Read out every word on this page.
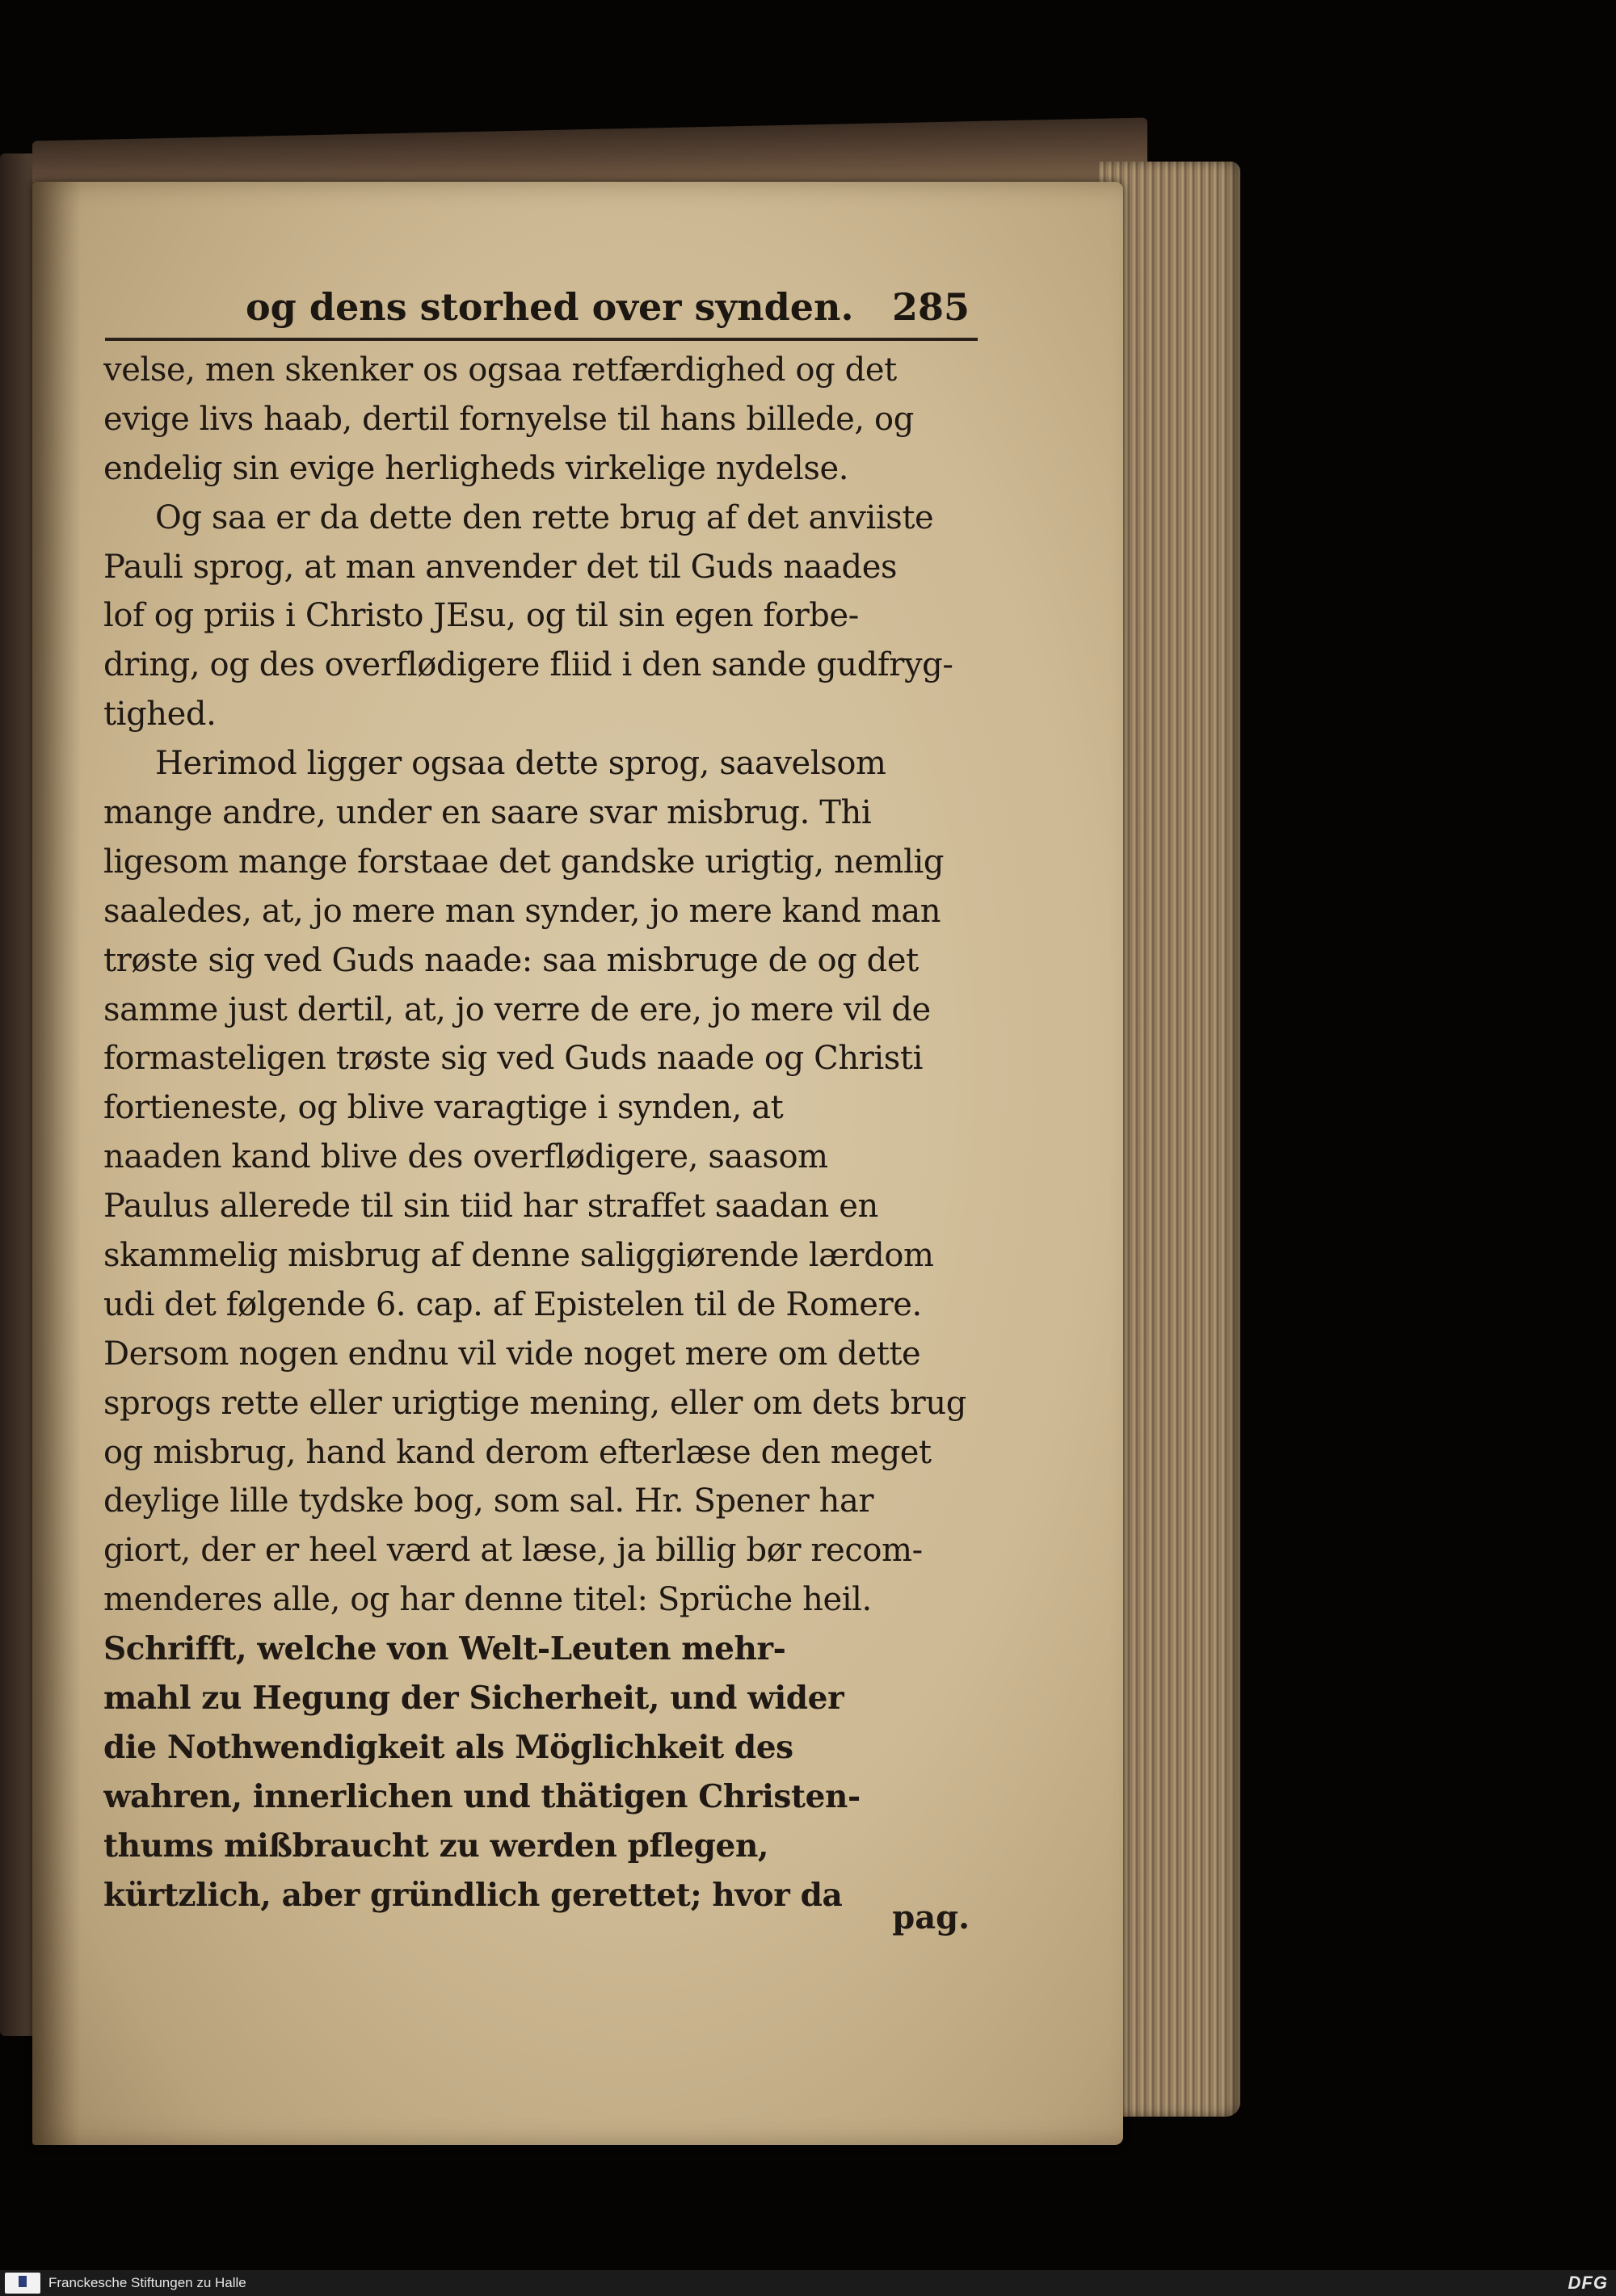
og dens storhed over synden. 285
velse, men skenker os ogsaa retfærdighed og det
evige livs haab, dertil fornyelse til hans billede, og
endelig sin evige herligheds virkelige nydelse.
Og saa er da dette den rette brug af det anviiste
Pauli sprog, at man anvender det til Guds naades
lof og priis i Christo JEsu, og til sin egen forbe-
dring, og des overflødigere fliid i den sande gudfryg-
tighed.
Herimod ligger ogsaa dette sprog, saavelsom
mange andre, under en saare svar misbrug. Thi
ligesom mange forstaae det gandske urigtig, nemlig
saaledes, at, jo mere man synder, jo mere kand man
trøste sig ved Guds naade: saa misbruge de og det
samme just dertil, at, jo verre de ere, jo mere vil de
formasteligen trøste sig ved Guds naade og Christi
fortieneste, og blive varagtige i synden, at
naaden kand blive des overflødigere, saasom
Paulus allerede til sin tiid har straffet saadan en
skammelig misbrug af denne saliggiørende lærdom
udi det følgende 6. cap. af Epistelen til de Romere.
Dersom nogen endnu vil vide noget mere om dette
sprogs rette eller urigtige mening, eller om dets brug
og misbrug, hand kand derom efterlæse den meget
deylige lille tydske bog, som sal. Hr. Spener har
giort, der er heel værd at læse, ja billig bør recom-
menderes alle, og har denne titel: Sprüche heil.
Schrifft, welche von Welt-Leuten mehr-
mahl zu Hegung der Sicherheit, und wider
die Nothwendigkeit als Möglichkeit des
wahren, innerlichen und thätigen Christen-
thums mißbraucht zu werden pflegen,
kürtzlich, aber gründlich gerettet; hvor da
pag.
Franckesche Stiftungen zu Halle	DFG
